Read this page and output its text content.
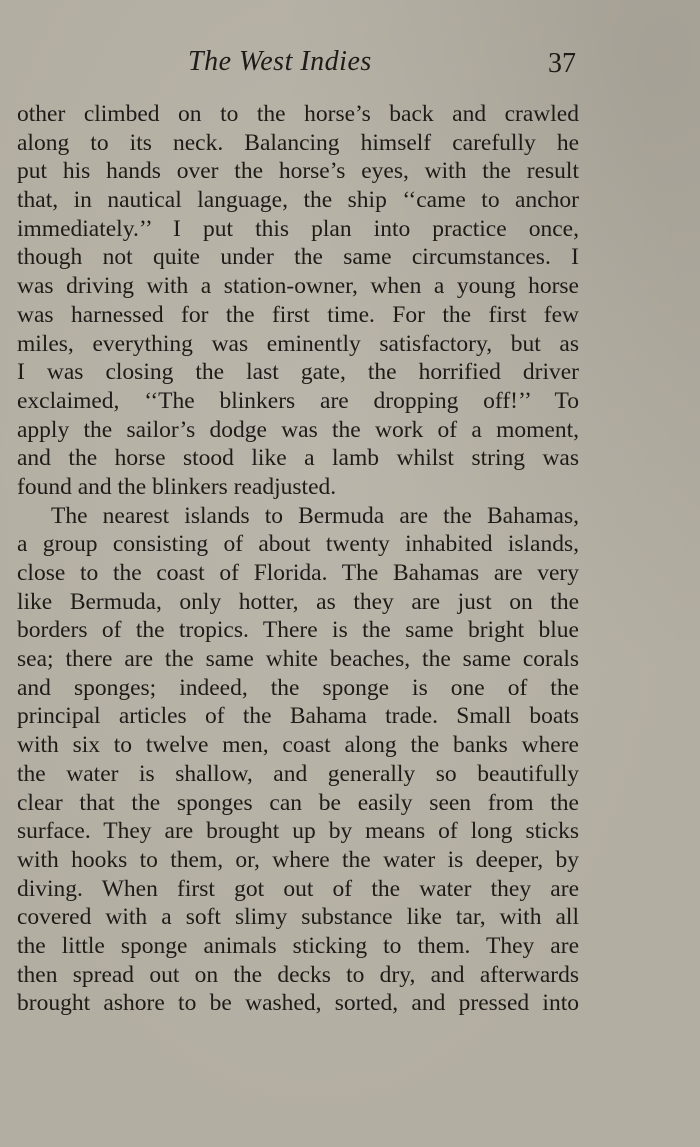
The West Indies	37
other climbed on to the horse’s back and crawled
along to its neck. Balancing himself carefully he
put his hands over the horse’s eyes, with the result
that, in nautical language, the ship ‘‘came to anchor
immediately.’’ I put this plan into practice once,
though not quite under the same circumstances. I
was driving with a station-owner, when a young horse
was harnessed for the first time. For the first few
miles, everything was eminently satisfactory, but as
I was closing the last gate, the horrified driver
exclaimed, ‘‘The blinkers are dropping off!’’ To
apply the sailor’s dodge was the work of a moment,
and the horse stood like a lamb whilst string was
found and the blinkers readjusted.
The nearest islands to Bermuda are the Bahamas,
a group consisting of about twenty inhabited islands,
close to the coast of Florida. The Bahamas are very
like Bermuda, only hotter, as they are just on the
borders of the tropics. There is the same bright blue
sea; there are the same white beaches, the same corals
and sponges; indeed, the sponge is one of the
principal articles of the Bahama trade. Small boats
with six to twelve men, coast along the banks where
the water is shallow, and generally so beautifully
clear that the sponges can be easily seen from the
surface. They are brought up by means of long sticks
with hooks to them, or, where the water is deeper, by
diving. When first got out of the water they are
covered with a soft slimy substance like tar, with all
the little sponge animals sticking to them. They are
then spread out on the decks to dry, and afterwards
brought ashore to be washed, sorted, and pressed into
